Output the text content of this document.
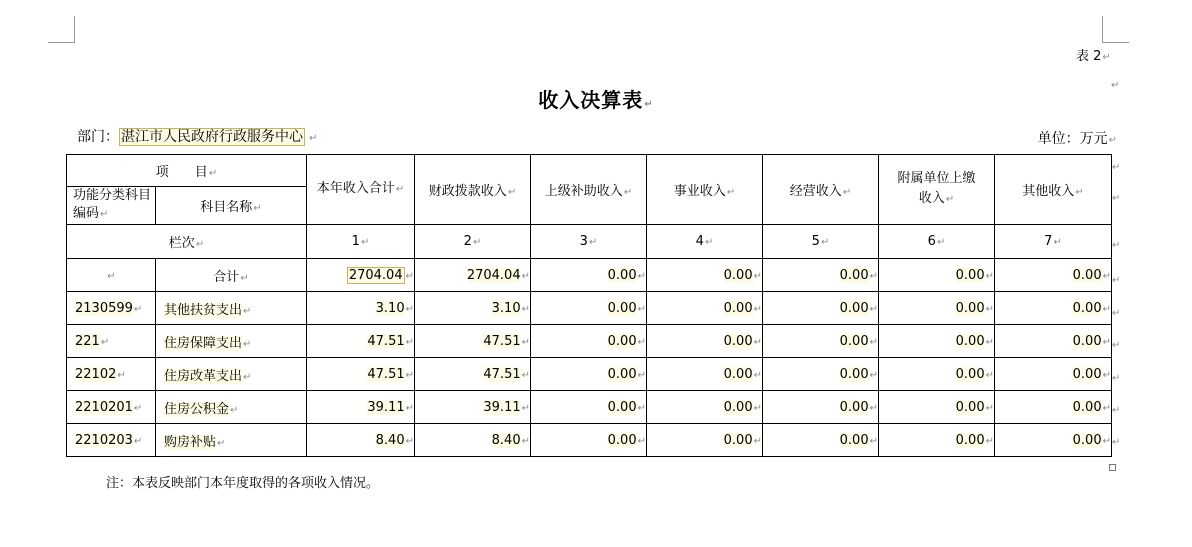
表 2↵
收入决算表↵
↵
部门： 湛江市人民政府行政服务中心 ↵	单位：万元↵
项　　目↵		本年收入合计↵	财政拨款收入↵	上级补助收入↵	事业收入↵	经营收入↵	附属单位上缴收入↵	其他收入↵
功能分类科目编码↵	科目名称↵							
栏次↵		1↵	2↵	3↵	4↵	5↵	6↵	7↵
↵	合计↵	2704.04 ↵	2704.04↵	0.00↵	0.00↵	0.00↵	0.00↵	0.00↵
2130599↵	其他扶贫支出↵	3.10↵	3.10↵	0.00↵	0.00↵	0.00↵	0.00↵	0.00↵
221↵	住房保障支出↵	47.51↵	47.51↵	0.00↵	0.00↵	0.00↵	0.00↵	0.00↵
22102↵	住房改革支出↵	47.51↵	47.51↵	0.00↵	0.00↵	0.00↵	0.00↵	0.00↵
2210201↵	住房公积金↵	39.11↵	39.11↵	0.00↵	0.00↵	0.00↵	0.00↵	0.00↵
2210203↵	购房补贴↵	8.40↵	8.40↵	0.00↵	0.00↵	0.00↵	0.00↵	0.00↵
↵
↵
↵
↵
↵
↵
↵
↵
↵
注：本表反映部门本年度取得的各项收入情况。
